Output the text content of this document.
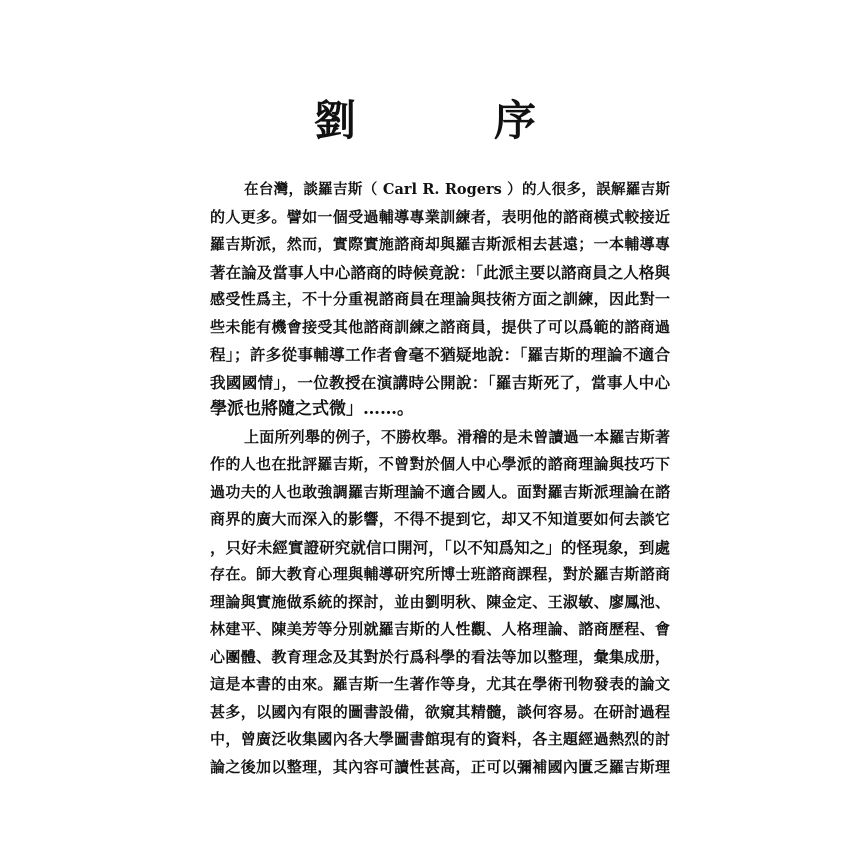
劉　序
在台灣，談羅吉斯（ Carl R. Rogers ）的人很多，誤解羅吉斯
的人更多。譬如一個受過輔導專業訓練者，表明他的諮商模式較接近
羅吉斯派，然而，實際實施諮商却與羅吉斯派相去甚遠；一本輔導專
著在論及當事人中心諮商的時候竟說：「此派主要以諮商員之人格與
感受性爲主，不十分重視諮商員在理論與技術方面之訓練，因此對一
些未能有機會接受其他諮商訓練之諮商員，提供了可以爲範的諮商過
程」；許多從事輔導工作者會毫不猶疑地說：「羅吉斯的理論不適合
我國國情」，一位教授在演講時公開說：「羅吉斯死了，當事人中心
學派也將隨之式微」……。
上面所列舉的例子，不勝枚舉。滑稽的是未曾讀過一本羅吉斯著
作的人也在批評羅吉斯，不曾對於個人中心學派的諮商理論與技巧下
過功夫的人也敢強調羅吉斯理論不適合國人。面對羅吉斯派理論在諮
商界的廣大而深入的影響，不得不提到它，却又不知道要如何去談它
，只好未經實證研究就信口開河，「以不知爲知之」的怪現象，到處
存在。師大教育心理與輔導研究所博士班諮商課程，對於羅吉斯諮商
理論與實施做系統的探討，並由劉明秋、陳金定、王淑敏、廖鳳池、
林建平、陳美芳等分別就羅吉斯的人性觀、人格理論、諮商歷程、會
心團體、教育理念及其對於行爲科學的看法等加以整理，彙集成册，
這是本書的由來。羅吉斯一生著作等身，尤其在學術刊物發表的論文
甚多，以國內有限的圖書設備，欲窺其精髓，談何容易。在研討過程
中，曾廣泛收集國內各大學圖書館現有的資料，各主題經過熱烈的討
論之後加以整理，其內容可讀性甚高，正可以彌補國內匱乏羅吉斯理
